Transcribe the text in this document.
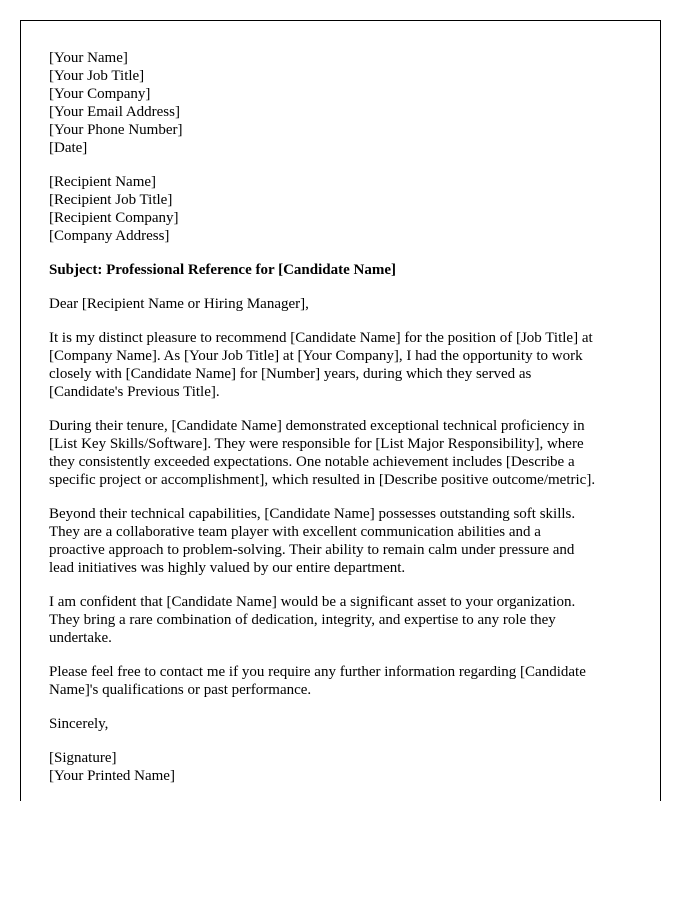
[Your Name]
[Your Job Title]
[Your Company]
[Your Email Address]
[Your Phone Number]
[Date]
[Recipient Name]
[Recipient Job Title]
[Recipient Company]
[Company Address]

Subject: Professional Reference for [Candidate Name]

Dear [Recipient Name or Hiring Manager],

It is my distinct pleasure to recommend [Candidate Name] for the position of [Job Title] at
[Company Name]. As [Your Job Title] at [Your Company], I had the opportunity to work
closely with [Candidate Name] for [Number] years, during which they served as
[Candidate's Previous Title].

During their tenure, [Candidate Name] demonstrated exceptional technical proficiency in
[List Key Skills/Software]. They were responsible for [List Major Responsibility], where
they consistently exceeded expectations. One notable achievement includes [Describe a
specific project or accomplishment], which resulted in [Describe positive outcome/metric].

Beyond their technical capabilities, [Candidate Name] possesses outstanding soft skills.
They are a collaborative team player with excellent communication abilities and a
proactive approach to problem-solving. Their ability to remain calm under pressure and
lead initiatives was highly valued by our entire department.

I am confident that [Candidate Name] would be a significant asset to your organization.
They bring a rare combination of dedication, integrity, and expertise to any role they
undertake.

Please feel free to contact me if you require any further information regarding [Candidate
Name]'s qualifications or past performance.

Sincerely,

[Signature]
[Your Printed Name]
